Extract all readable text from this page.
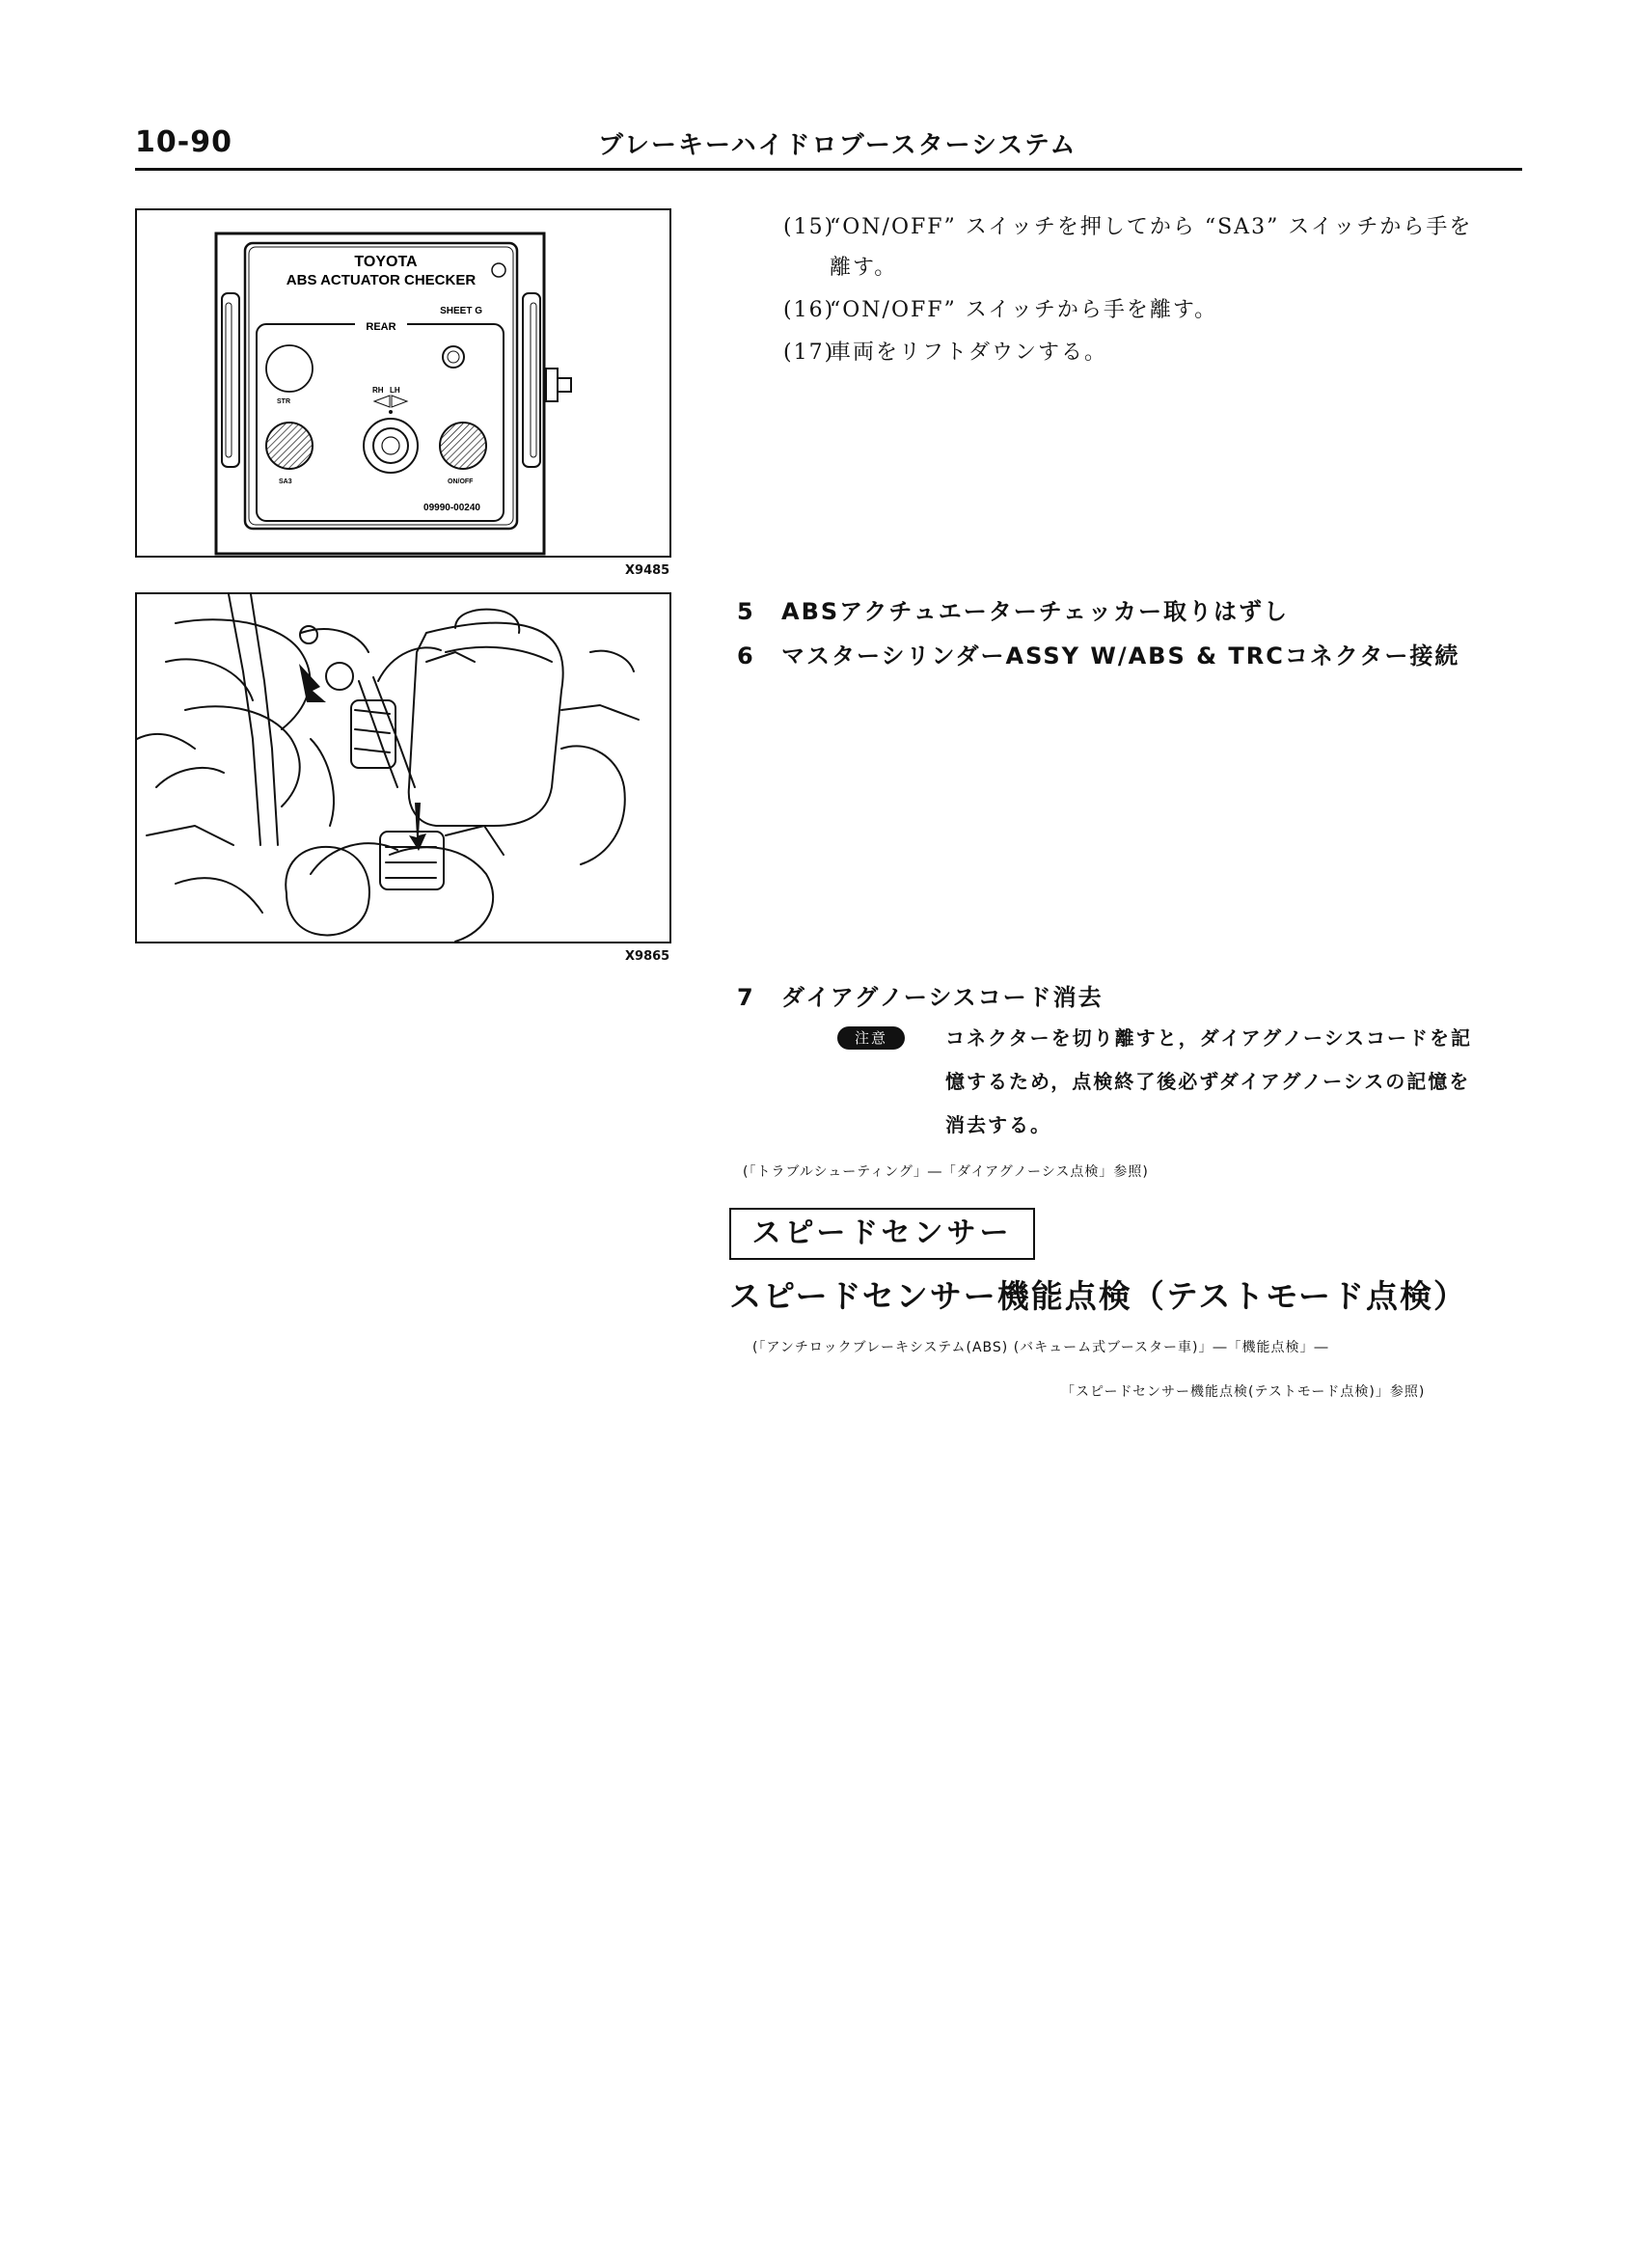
10-90	ブレーキーハイドロブースターシステム
TOYOTA
ABS ACTUATOR CHECKER
REAR
SHEET G
STR
SA3	ON/OFF
RH LH
09990-00240
X9485
X9865
(15)“ON/OFF” スイッチを押してから “SA3” スイッチから手を
離す。
(16)“ON/OFF” スイッチから手を離す。
(17)車両をリフトダウンする。
5 ABSアクチュエーターチェッカー取りはずし
6 マスターシリンダーASSY W/ABS & TRCコネクター接続
7 ダイアグノーシスコード消去
注意	コネクターを切り離すと，ダイアグノーシスコードを記
憶するため，点検終了後必ずダイアグノーシスの記憶を
消去する。
(「トラブルシューティング」―「ダイアグノーシス点検」参照)
スピードセンサー
スピードセンサー機能点検（テストモード点検）
(「アンチロックブレーキシステム(ABS) (バキューム式ブースター車)」―「機能点検」―
「スピードセンサー機能点検(テストモード点検)」参照)
